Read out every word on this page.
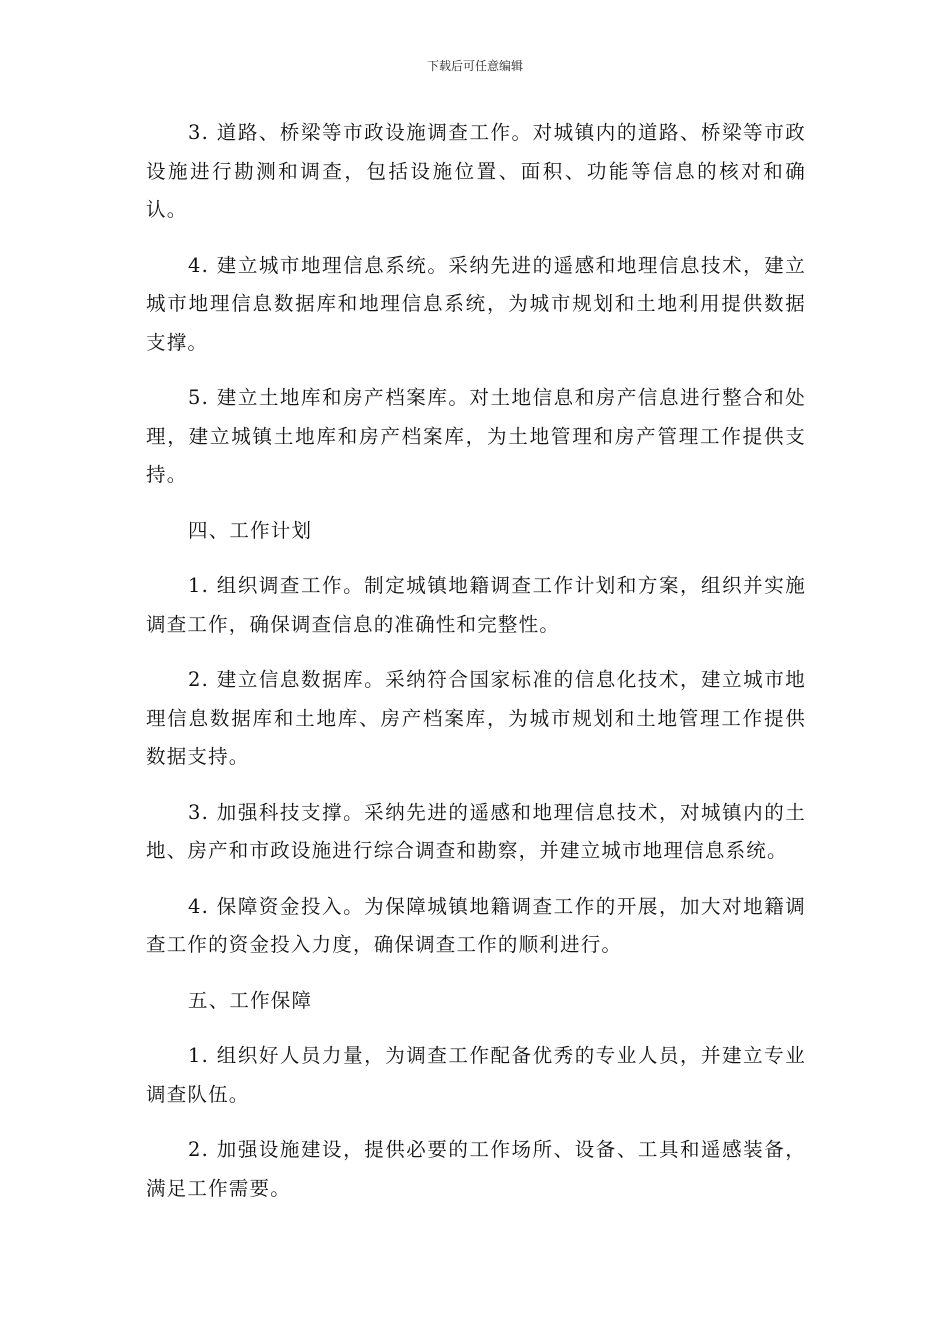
下载后可任意编辑

3. 道路、桥梁等市政设施调查工作。对城镇内的道路、桥梁等市政设施进行勘测和调查，包括设施位置、面积、功能等信息的核对和确认。

4. 建立城市地理信息系统。采纳先进的遥感和地理信息技术，建立城市地理信息数据库和地理信息系统，为城市规划和土地利用提供数据支撑。

5. 建立土地库和房产档案库。对土地信息和房产信息进行整合和处理，建立城镇土地库和房产档案库，为土地管理和房产管理工作提供支持。

四、工作计划

1. 组织调查工作。制定城镇地籍调查工作计划和方案，组织并实施调查工作，确保调查信息的准确性和完整性。

2. 建立信息数据库。采纳符合国家标准的信息化技术，建立城市地理信息数据库和土地库、房产档案库，为城市规划和土地管理工作提供数据支持。

3. 加强科技支撑。采纳先进的遥感和地理信息技术，对城镇内的土地、房产和市政设施进行综合调查和勘察，并建立城市地理信息系统。

4. 保障资金投入。为保障城镇地籍调查工作的开展，加大对地籍调查工作的资金投入力度，确保调查工作的顺利进行。

五、工作保障

1. 组织好人员力量，为调查工作配备优秀的专业人员，并建立专业调查队伍。

2. 加强设施建设，提供必要的工作场所、设备、工具和遥感装备，满足工作需要。
